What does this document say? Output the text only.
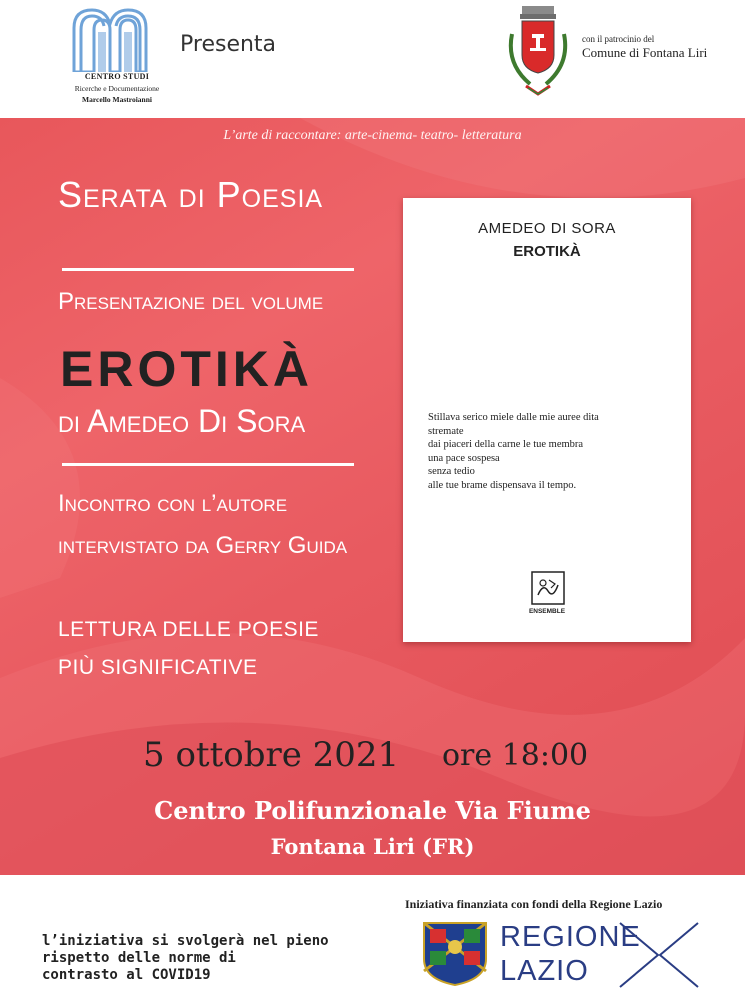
CENTRO STUDI
Ricerche e Documentazione
Marcello Mastroianni
Presenta	con il patrocinio del
Comune di Fontana Liri
L’arte di raccontare: arte-cinema- teatro- letteratura
Serata di Poesia
Presentazione del volume
EROTIKÀ
di Amedeo Di Sora
Incontro con l’autore
intervistato da Gerry Guida
LETTURA DELLE POESIE
PIÙ SIGNIFICATIVE
AMEDEO DI SORA
EROTIKÀ
Stillava serico miele dalle mie auree dita
stremate
dai piaceri della carne le tue membra
una pace sospesa
senza tedio
alle tue brame dispensava il tempo.
ENSEMBLE
5 ottobre 2021 ore 18:00
Centro Polifunzionale Via Fiume
Fontana Liri (FR)
l’iniziativa si svolgerà nel pieno
rispetto delle norme di
contrasto al COVID19
Iniziativa finanziata con fondi della Regione Lazio
REGIONE
LAZIO
